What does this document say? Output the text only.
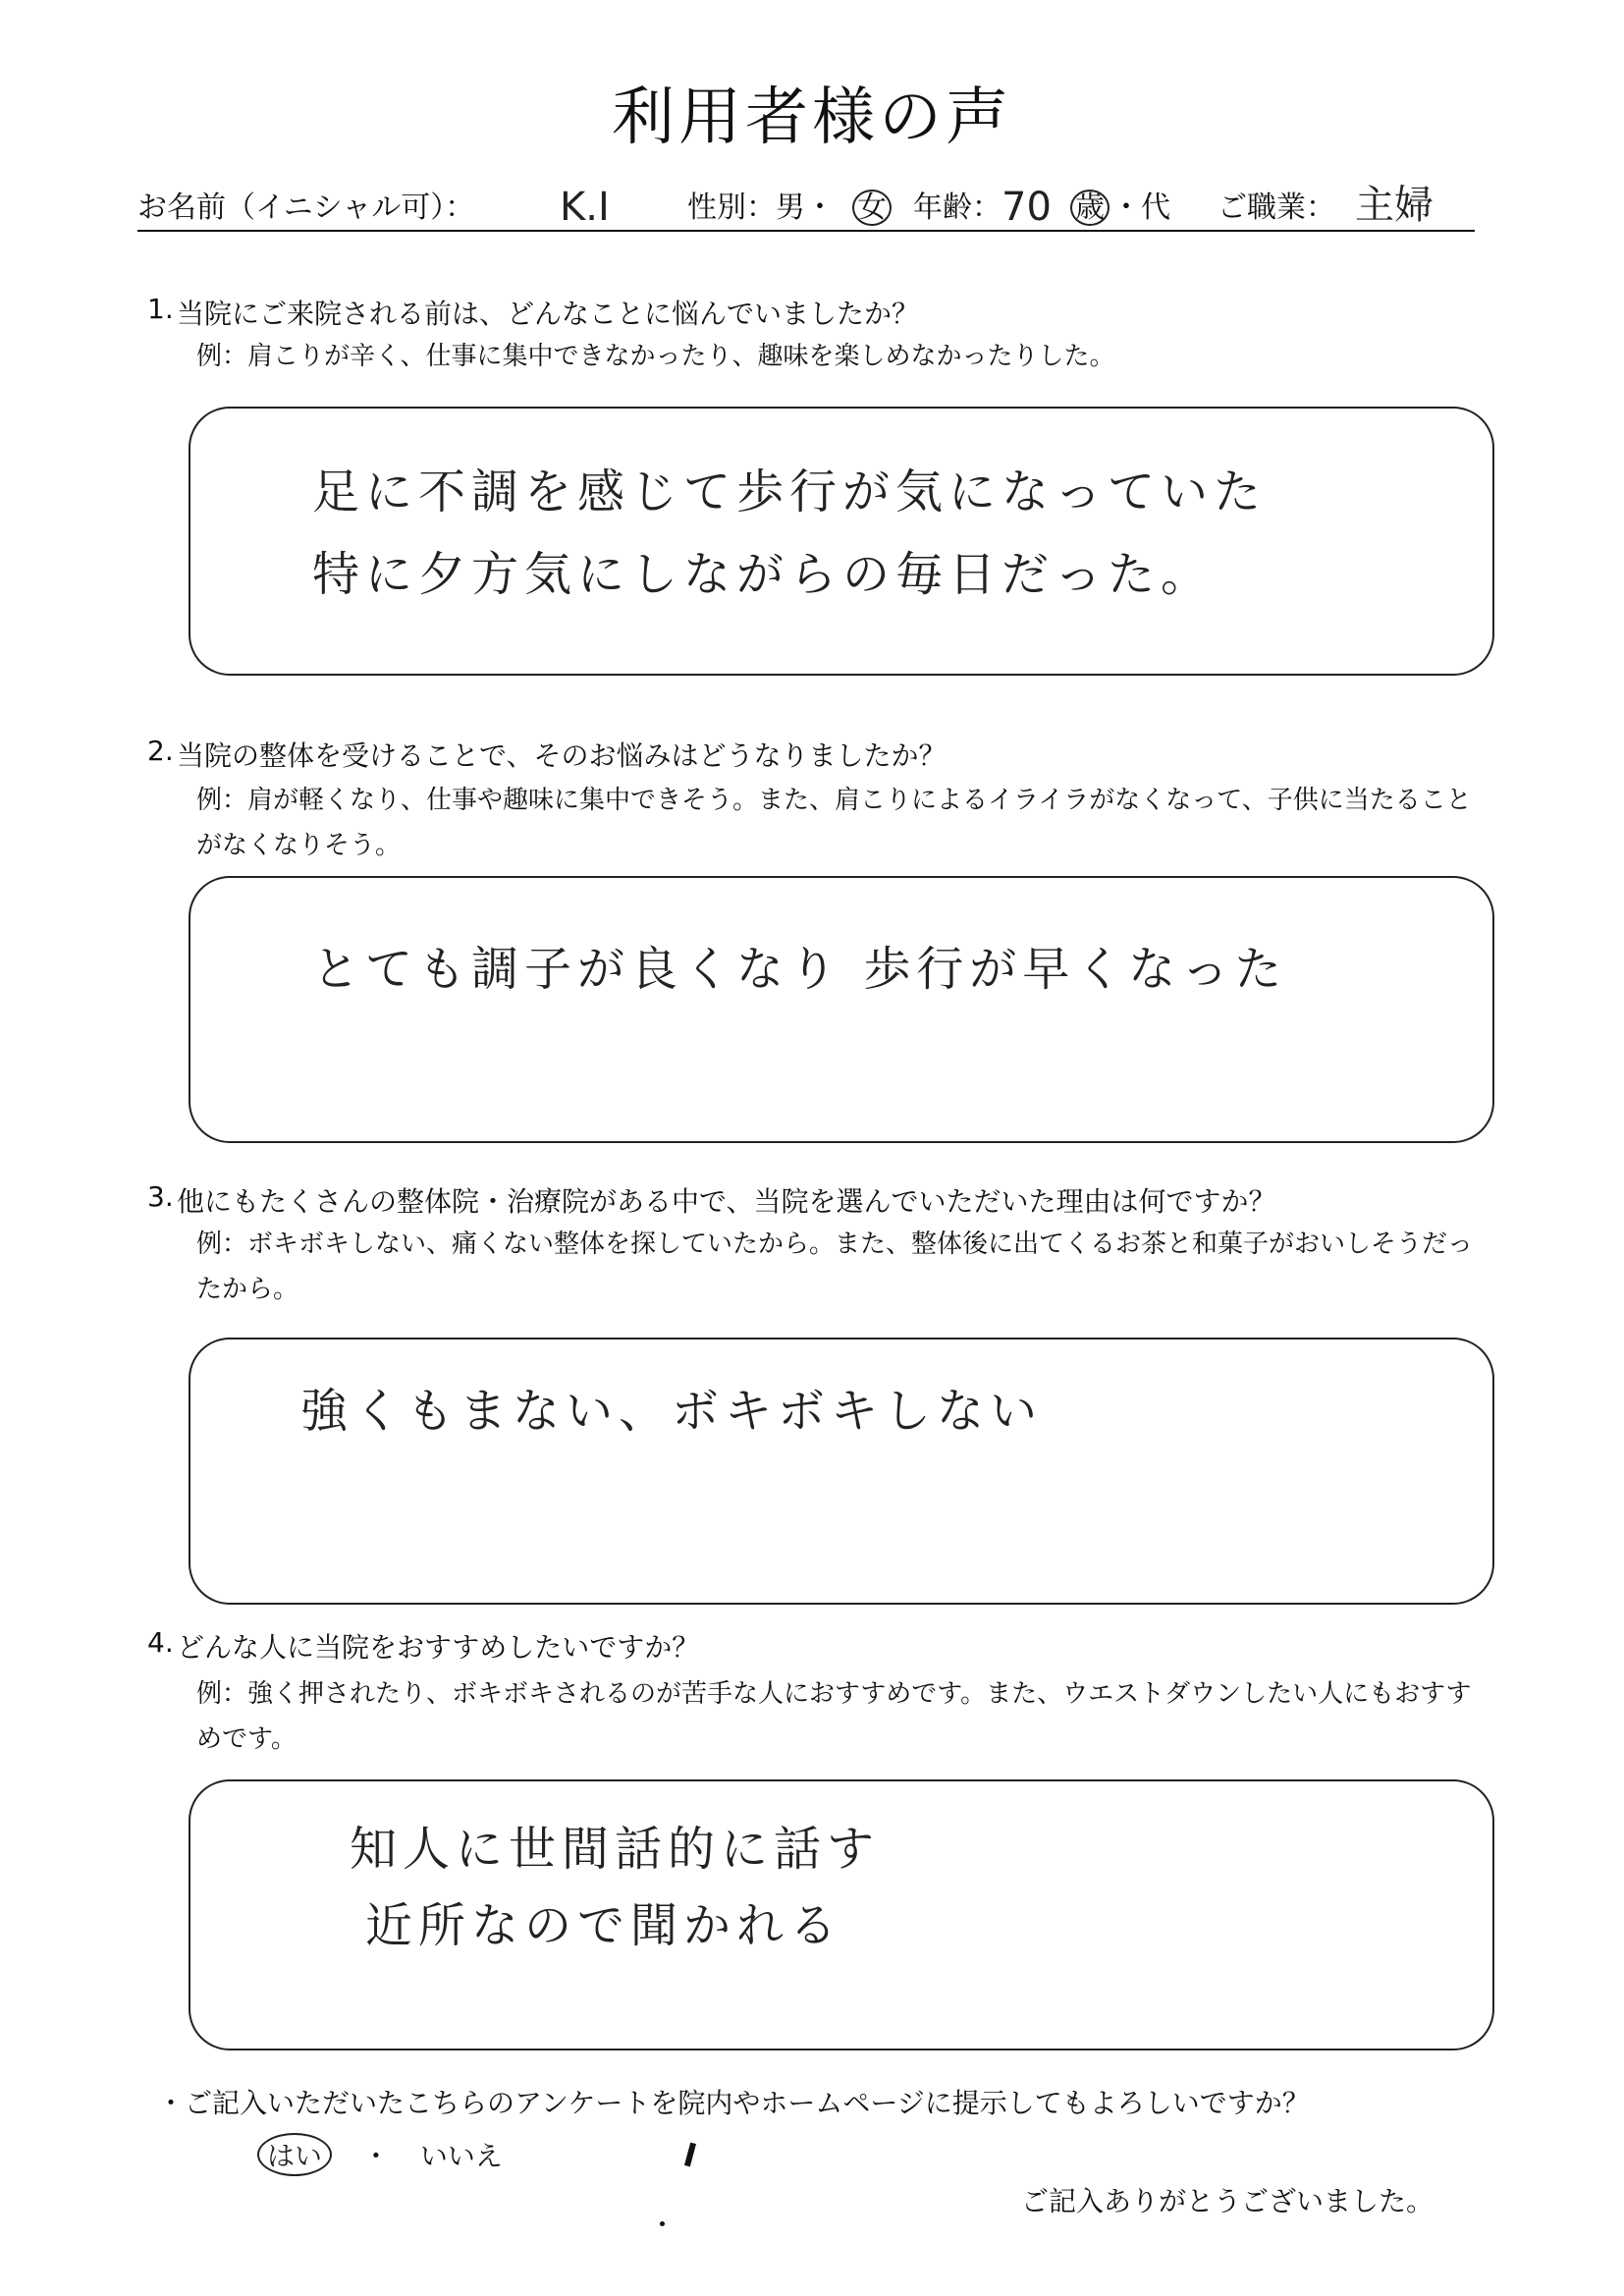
利用者様の声
お名前（イニシャル可）： K.I	性別：男・ 女 年齢： 70 歳 ・代 ご職業： 主婦
1. 当院にご来院される前は、どんなことに悩んでいましたか？
例：肩こりが辛く、仕事に集中できなかったり、趣味を楽しめなかったりした。
足に不調を感じて歩行が気になっていた
特に夕方気にしながらの毎日だった。
2. 当院の整体を受けることで、そのお悩みはどうなりましたか？
例：肩が軽くなり、仕事や趣味に集中できそう。また、肩こりによるイライラがなくなって、子供に当たることがなくなりそう。
とても調子が良くなり 歩行が早くなった
3. 他にもたくさんの整体院・治療院がある中で、当院を選んでいただいた理由は何ですか？
例：ボキボキしない、痛くない整体を探していたから。また、整体後に出てくるお茶と和菓子がおいしそうだったから。
強くもまない、ボキボキしない
4. どんな人に当院をおすすめしたいですか？
例：強く押されたり、ボキボキされるのが苦手な人におすすめです。また、ウエストダウンしたい人にもおすすめです。
知人に世間話的に話す
近所なので聞かれる
・ご記入いただいたこちらのアンケートを院内やホームページに提示してもよろしいですか？
はい ・ いいえ
ご記入ありがとうございました。
